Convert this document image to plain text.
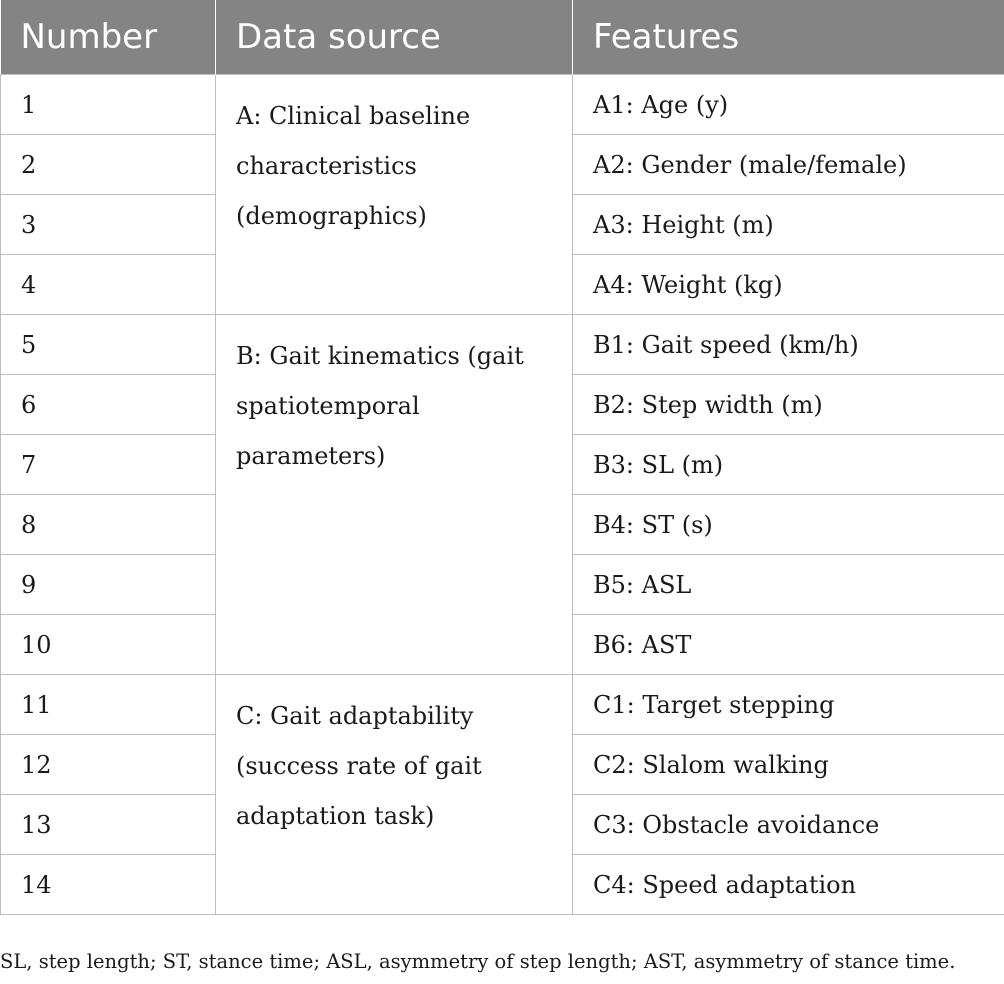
Number	Data source	Features
1	A: Clinical baseline characteristics (demographics)	A1: Age (y)
2		A2: Gender (male/female)
3		A3: Height (m)
4		A4: Weight (kg)
5	B: Gait kinematics (gait spatiotemporal parameters)	B1: Gait speed (km/h)
6		B2: Step width (m)
7		B3: SL (m)
8		B4: ST (s)
9		B5: ASL
10		B6: AST
11	C: Gait adaptability (success rate of gait adaptation task)	C1: Target stepping
12		C2: Slalom walking
13		C3: Obstacle avoidance
14		C4: Speed adaptation
SL, step length; ST, stance time; ASL, asymmetry of step length; AST, asymmetry of stance time.
